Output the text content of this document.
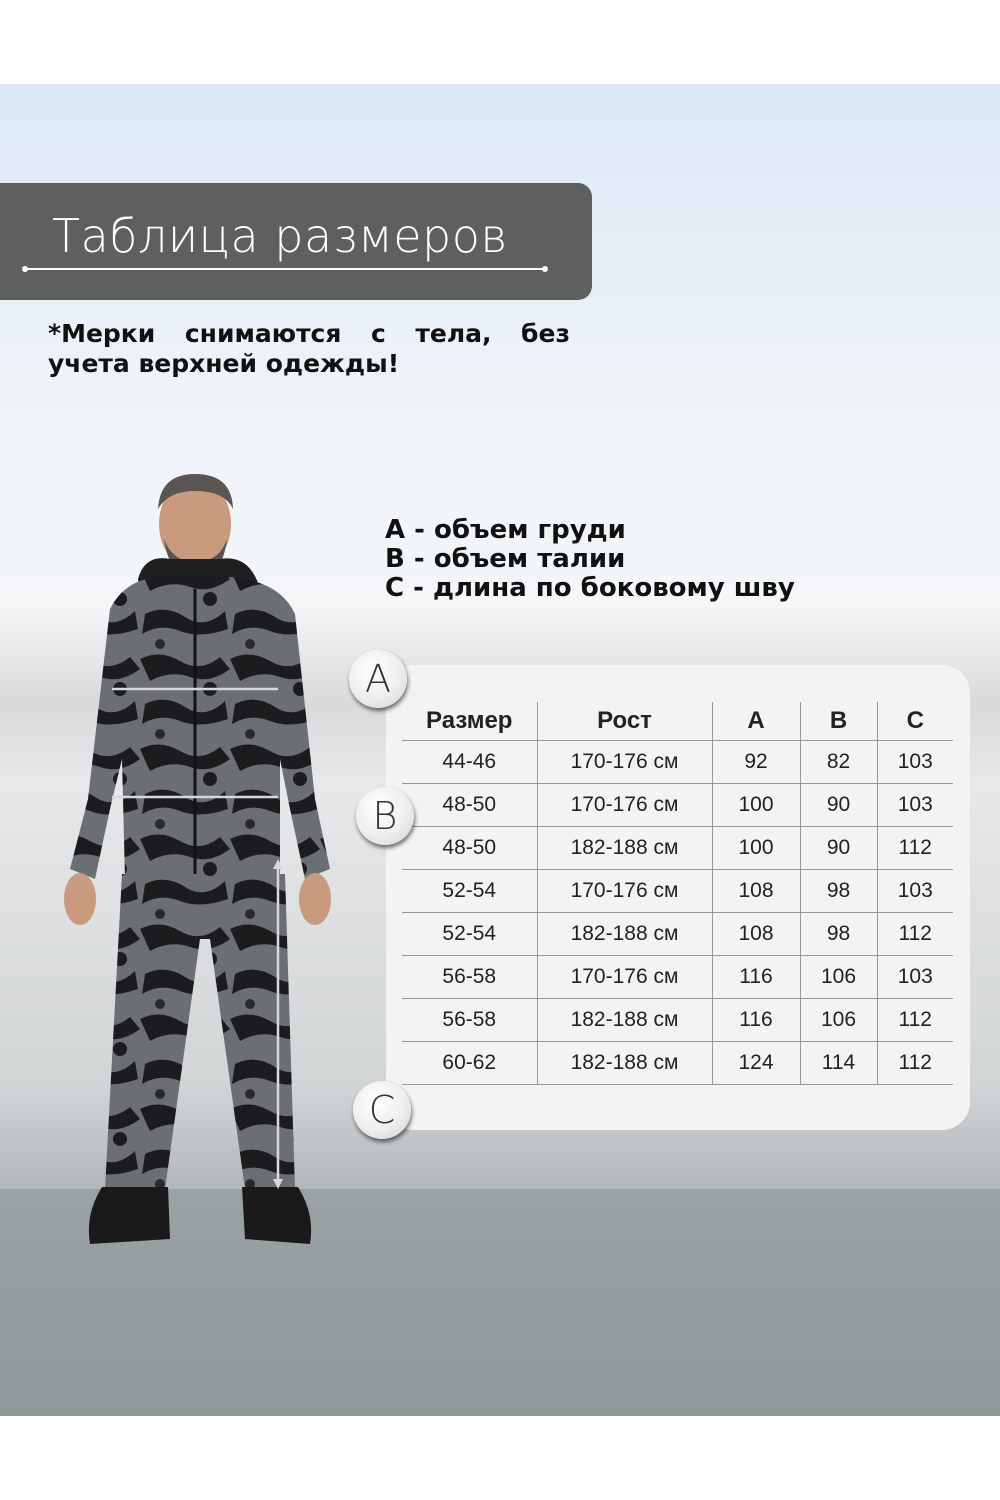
Таблица размеров
*Мерки снимаются с тела, без учета верхней одежды!
А - объем груди
В - объем талии
С - длина по боковому шву
Размер	Рост	А	В	С
44-46	170-176 см	92	82	103
48-50	170-176 см	100	90	103
48-50	182-188 см	100	90	112
52-54	170-176 см	108	98	103
52-54	182-188 см	108	98	112
56-58	170-176 см	116	106	103
56-58	182-188 см	116	106	112
60-62	182-188 см	124	114	112
A
B
C
